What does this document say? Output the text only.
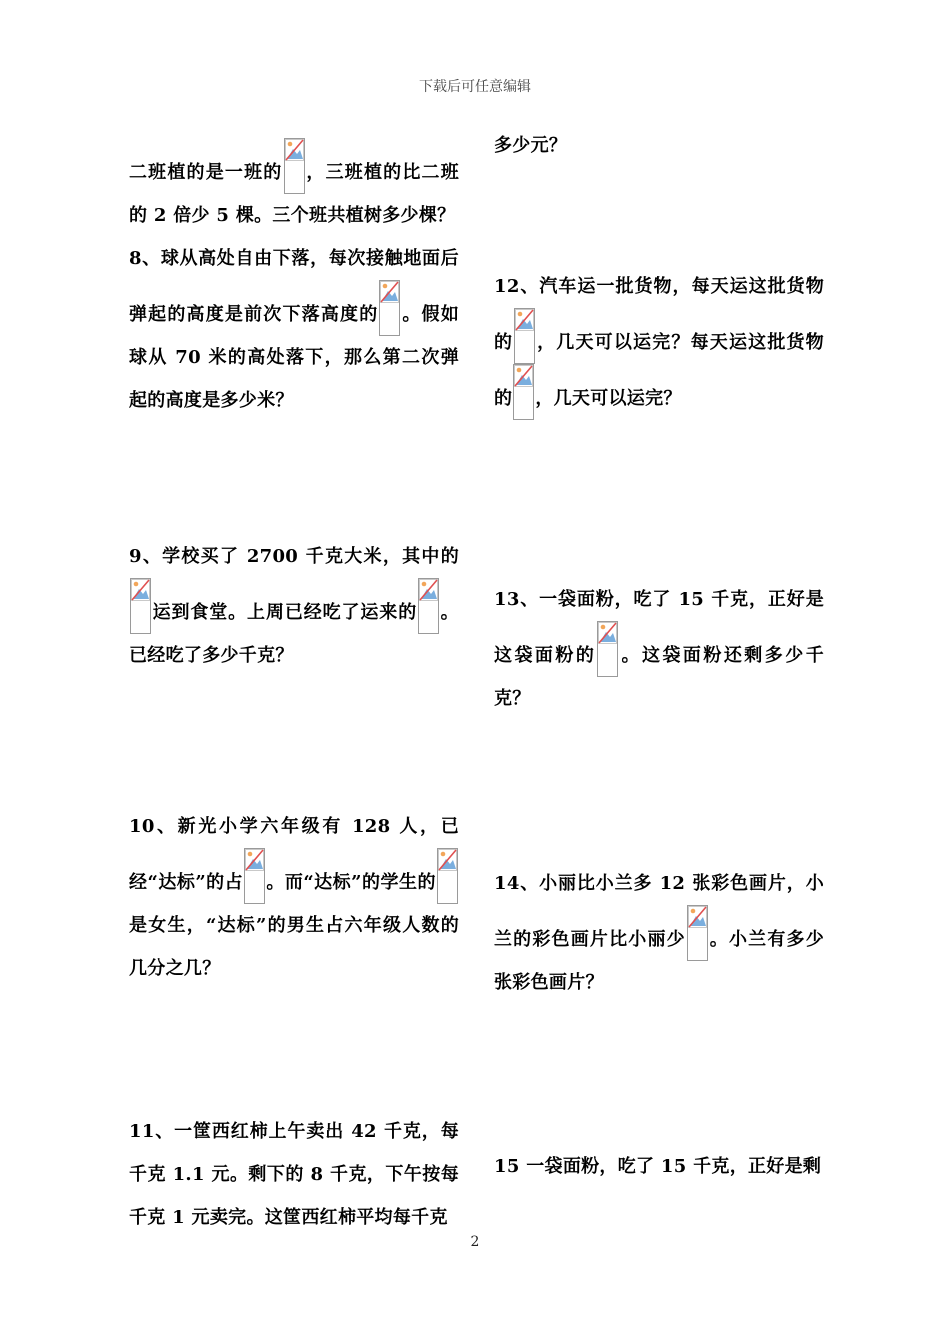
下载后可任意编辑
二班植的是一班的 ，三班植的比二班的 2 倍少 5 棵。三个班共植树多少棵？
8、球从高处自由下落，每次接触地面后弹起的高度是前次下落高度的 。假如球从 70 米的高处落下，那么第二次弹起的高度是多少米？
9、学校买了 2700 千克大米，其中的
运到食堂。上周已经吃了运来的 。已经吃了多少千克？
10、新光小学六年级有 128 人，已经“达标”的占 。而“达标”的学生的
是女生，“达标”的男生占六年级人数的几分之几？
11、一筐西红柿上午卖出 42 千克，每千克 1.1 元。剩下的 8 千克，下午按每千克 1 元卖完。这筐西红柿平均每千克
多少元？
12、汽车运一批货物，每天运这批货物的 ，几天可以运完？每天运这批货物的 ，几天可以运完？
13、一袋面粉，吃了 15 千克，正好是这袋面粉的 。这袋面粉还剩多少千克？
14、小丽比小兰多 12 张彩色画片，小兰的彩色画片比小丽少 。小兰有多少张彩色画片？
15 一袋面粉，吃了 15 千克，正好是剩
2
